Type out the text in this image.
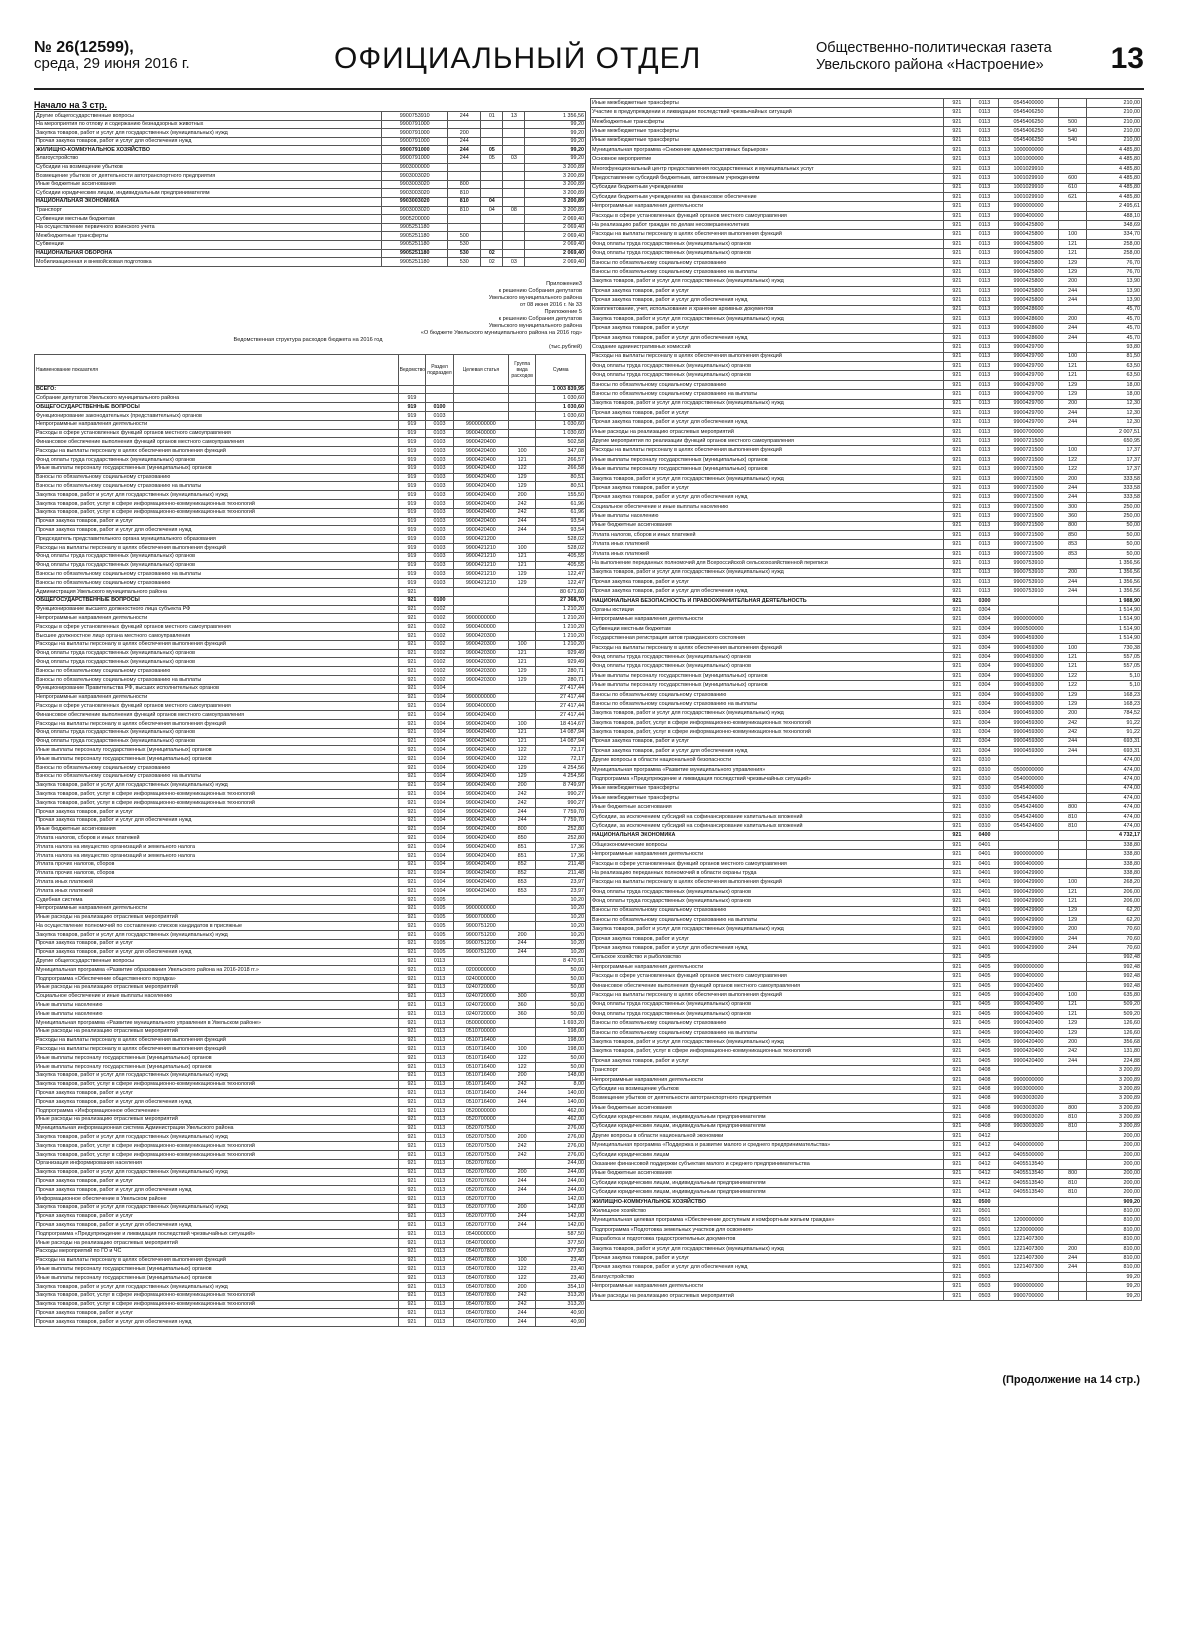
№ 26(12599),
среда, 29 июня 2016 г.	ОФИЦИАЛЬНЫЙ ОТДЕЛ	Общественно-политическая газета
Увельского района «Настроение» 13
Начало на 3 стр.
Другие общегосударственные вопросы	9900753910	244	01	13	1 356,56
На мероприятия по отлову и содержанию безнадзорных животных	9900791000				99,20
Закупка товаров, работ и услуг для государственных (муниципальных) нужд	9900791000	200			99,20
Прочая закупка товаров, работ и услуг для обеспечения нужд	9900791000	244			99,20
ЖИЛИЩНО-КОММУНАЛЬНОЕ ХОЗЯЙСТВО	9900791000	244	05		99,20
Благоустройство	9900791000	244	05	03	99,20
Субсидии на возмещение убытков	9903000000				3 200,89
Возмещение убытков от деятельности автотранспортного предприятия	9903003020				3 200,89
Иные бюджетные ассигнования	9903003020	800			3 200,89
Субсидии юридическим лицам, индивидуальным предпринимателям	9903003020	810			3 200,89
НАЦИОНАЛЬНАЯ ЭКОНОМИКА	9903003020	810	04		3 200,89
Транспорт	9903003020	810	04	08	3 200,89
Субвенции местным бюджетам	9905200000				2 069,40
На осуществление первичного воинского учета	9905251180				2 069,40
Межбюджетные трансферты	9905251180	500			2 069,40
Субвенции	9905251180	530			2 069,40
НАЦИОНАЛЬНАЯ ОБОРОНА	9905251180	530	02		2 069,40
Мобилизационная и вневойсковая подготовка	9905251180	530	02	03	2 069,40
Приложение3
к решению Собрания депутатов
Увельского муниципального района
от 08 июня 2016 г. № 33
Приложение 5
к решению Собрания депутатов
Увельского муниципального района
«О бюджете Увельского муниципального района на 2016 год»
Ведомственная структура расходов бюджета на 2016 год
(тыс.рублей)
Наименование показателя	Ведомство	Раздел подраздел	Целевая статья	Группа вида расходов	Сумма
ВСЕГО:					1 003 839,95
Собрание депутатов Увельского муниципального района	919				1 030,60
ОБЩЕГОСУДАРСТВЕННЫЕ ВОПРОСЫ	919	0100			1 030,60
Функционирование законодательных (представительных) органов	919	0103			1 030,60
Непрограммные направления деятельности	919	0103	9900000000		1 030,60
Расходы в сфере установленных функций органов местного самоуправления	919	0103	9900400000		1 030,60
Финансовое обеспечение выполнения функций органов местного самоуправления	919	0103	9900420400		502,58
Расходы на выплаты персоналу в целях обеспечения выполнения функций	919	0103	9900420400	100	347,08
Фонд оплаты труда государственных (муниципальных) органов	919	0103	9900420400	121	266,57
Иные выплаты персоналу государственных (муниципальных) органов	919	0103	9900420400	122	266,58
Взносы по обязательному социальному страхованию	919	0103	9900420400	129	80,51
Взносы по обязательному социальному страхованию на выплаты	919	0103	9900420400	129	80,51
Закупка товаров, работ и услуг для государственных (муниципальных) нужд	919	0103	9900420400	200	155,50
Закупка товаров, работ, услуг в сфере информационно-коммуникационных технологий	919	0103	9900420400	242	61,96
Закупка товаров, работ, услуг в сфере информационно-коммуникационных технологий	919	0103	9900420400	242	61,96
Прочая закупка товаров, работ и услуг	919	0103	9900420400	244	93,54
Прочая закупка товаров, работ и услуг для обеспечения нужд	919	0103	9900420400	244	93,54
Председатель представительного органа муниципального образования	919	0103	9900421200		528,02
Расходы на выплаты персоналу в целях обеспечения выполнения функций	919	0103	9900421210	100	528,02
Фонд оплаты труда государственных (муниципальных) органов	919	0103	9900421210	121	405,55
Фонд оплаты труда государственных (муниципальных) органов	919	0103	9900421210	121	405,55
Взносы по обязательному социальному страхованию на выплаты	919	0103	9900421210	129	122,47
Взносы по обязательному социальному страхованию	919	0103	9900421210	129	122,47
Администрация Увельского муниципального района	921				80 671,60
ОБЩЕГОСУДАРСТВЕННЫЕ ВОПРОСЫ	921	0100			27 368,70
Функционирование высшего должностного лица субъекта РФ	921	0102			1 210,20
Непрограммные направления деятельности	921	0102	9900000000		1 210,20
Расходы в сфере установленных функций органов местного самоуправления	921	0102	9900400000		1 210,20
Высшее должностное лицо органа местного самоуправления	921	0102	9900420300		1 210,20
Расходы на выплаты персоналу в целях обеспечения выполнения функций	921	0102	9900420300	100	1 210,20
Фонд оплаты труда государственных (муниципальных) органов	921	0102	9900420300	121	929,49
Фонд оплаты труда государственных (муниципальных) органов	921	0102	9900420300	121	929,49
Взносы по обязательному социальному страхованию	921	0102	9900420300	129	280,71
Взносы по обязательному социальному страхованию на выплаты	921	0102	9900420300	129	280,71
Функционирование Правительства РФ, высших исполнительных органов	921	0104			27 417,44
Непрограммные направления деятельности	921	0104	9900000000		27 417,44
Расходы в сфере установленных функций органов местного самоуправления	921	0104	9900400000		27 417,44
Финансовое обеспечение выполнения функций органов местного самоуправления	921	0104	9900420400		27 417,44
Расходы на выплаты персоналу в целях обеспечения выполнения функций	921	0104	9900420400	100	18 414,67
Фонд оплаты труда государственных (муниципальных) органов	921	0104	9900420400	121	14 087,94
Фонд оплаты труда государственных (муниципальных) органов	921	0104	9900420400	121	14 087,94
Иные выплаты персоналу государственных (муниципальных) органов	921	0104	9900420400	122	72,17
Иные выплаты персоналу государственных (муниципальных) органов	921	0104	9900420400	122	72,17
Взносы по обязательному социальному страхованию	921	0104	9900420400	129	4 254,56
Взносы по обязательному социальному страхованию на выплаты	921	0104	9900420400	129	4 254,56
Закупка товаров, работ и услуг для государственных (муниципальных) нужд	921	0104	9900420400	200	8 749,97
Закупка товаров, работ, услуг в сфере информационно-коммуникационных технологий	921	0104	9900420400	242	990,27
Закупка товаров, работ, услуг в сфере информационно-коммуникационных технологий	921	0104	9900420400	242	990,27
Прочая закупка товаров, работ и услуг	921	0104	9900420400	244	7 759,70
Прочая закупка товаров, работ и услуг для обеспечения нужд	921	0104	9900420400	244	7 759,70
Иные бюджетные ассигнования	921	0104	9900420400	800	252,80
Уплата налогов, сборов и иных платежей	921	0104	9900420400	850	252,80
Уплата налога на имущество организаций и земельного налога	921	0104	9900420400	851	17,36
Уплата налога на имущество организаций и земельного налога	921	0104	9900420400	851	17,36
Уплата прочих налогов, сборов	921	0104	9900420400	852	211,48
Уплата прочих налогов, сборов	921	0104	9900420400	852	211,48
Уплата иных платежей	921	0104	9900420400	853	23,97
Уплата иных платежей	921	0104	9900420400	853	23,97
Судебная система	921	0105			10,20
Непрограммные направления деятельности	921	0105	9900000000		10,20
Иные расходы на реализацию отраслевых мероприятий	921	0105	9900700000		10,20
На осуществление полномочий по составлению списков кандидатов в присяжные	921	0105	9900751200		10,20
Закупка товаров, работ и услуг для государственных (муниципальных) нужд	921	0105	9900751200	200	10,20
Прочая закупка товаров, работ и услуг	921	0105	9900751200	244	10,20
Прочая закупка товаров, работ и услуг для обеспечения нужд	921	0105	9900751200	244	10,20
Другие общегосударственные вопросы	921	0113			8 470,91
Муниципальная программа «Развитие образования Увельского района на 2016-2018 гг.»	921	0113	0200000000		50,00
Подпрограмма «Обеспечение общественного порядка»	921	0113	0240000000		50,00
Иные расходы на реализацию отраслевых мероприятий	921	0113	0240720000		50,00
Социальное обеспечение и иные выплаты населению	921	0113	0240720000	300	50,00
Иные выплаты населению	921	0113	0240720000	360	50,00
Иные выплаты населению	921	0113	0240720000	360	50,00
Муниципальная программа «Развитие муниципального управления в Увельском районе»	921	0113	0500000000		1 693,20
Иные расходы на реализацию отраслевых мероприятий	921	0113	0510700000		198,00
Расходы на выплаты персоналу в целях обеспечения выполнения функций	921	0113	0510716400		198,00
Расходы на выплаты персоналу в целях обеспечения выполнения функций	921	0113	0510716400	100	198,00
Иные выплаты персоналу государственных (муниципальных) органов	921	0113	0510716400	122	50,00
Иные выплаты персоналу государственных (муниципальных) органов	921	0113	0510716400	122	50,00
Закупка товаров, работ и услуг для государственных (муниципальных) нужд	921	0113	0510716400	200	148,00
Закупка товаров, работ, услуг в сфере информационно-коммуникационных технологий	921	0113	0510716400	242	8,00
Прочая закупка товаров, работ и услуг	921	0113	0510716400	244	140,00
Прочая закупка товаров, работ и услуг для обеспечения нужд	921	0113	0510716400	244	140,00
Подпрограмма «Информационное обеспечение»	921	0113	0520000000		462,00
Иные расходы на реализацию отраслевых мероприятий	921	0113	0520700000		462,00
Муниципальная информационная система Администрации Увельского района	921	0113	0520707500		276,00
Закупка товаров, работ и услуг для государственных (муниципальных) нужд	921	0113	0520707500	200	276,00
Закупка товаров, работ, услуг в сфере информационно-коммуникационных технологий	921	0113	0520707500	242	276,00
Закупка товаров, работ, услуг в сфере информационно-коммуникационных технологий	921	0113	0520707500	242	276,00
Организация информирования населения	921	0113	0520707600		244,00
Закупка товаров, работ и услуг для государственных (муниципальных) нужд	921	0113	0520707600	200	244,00
Прочая закупка товаров, работ и услуг	921	0113	0520707600	244	244,00
Прочая закупка товаров, работ и услуг для обеспечения нужд	921	0113	0520707600	244	244,00
Информационное обеспечение в Увельском районе	921	0113	0520707700		142,00
Закупка товаров, работ и услуг для государственных (муниципальных) нужд	921	0113	0520707700	200	142,00
Прочая закупка товаров, работ и услуг	921	0113	0520707700	244	142,00
Прочая закупка товаров, работ и услуг для обеспечения нужд	921	0113	0520707700	244	142,00
Подпрограмма «Предупреждение и ликвидация последствий чрезвычайных ситуаций»	921	0113	0540000000		587,50
Иные расходы на реализацию отраслевых мероприятий	921	0113	0540700000		377,50
Расходы мероприятий по ГО и ЧС	921	0113	0540707800		377,50
Расходы на выплаты персоналу в целях обеспечения выполнения функций	921	0113	0540707800	100	23,40
Иные выплаты персоналу государственных (муниципальных) органов	921	0113	0540707800	122	23,40
Иные выплаты персоналу государственных (муниципальных) органов	921	0113	0540707800	122	23,40
Закупка товаров, работ и услуг для государственных (муниципальных) нужд	921	0113	0540707800	200	354,10
Закупка товаров, работ, услуг в сфере информационно-коммуникационных технологий	921	0113	0540707800	242	313,20
Закупка товаров, работ, услуг в сфере информационно-коммуникационных технологий	921	0113	0540707800	242	313,20
Прочая закупка товаров, работ и услуг	921	0113	0540707800	244	40,90
Прочая закупка товаров, работ и услуг для обеспечения нужд	921	0113	0540707800	244	40,90
Иные межбюджетные трансферты	921	0113	0545400000		210,00
Участие в предупреждении и ликвидации последствий чрезвычайных ситуаций	921	0113	0545406250		210,00
Межбюджетные трансферты	921	0113	0545406250	500	210,00
Иные межбюджетные трансферты	921	0113	0545406250	540	210,00
Иные межбюджетные трансферты	921	0113	0545406250	540	210,00
Муниципальная программа «Снижение административных барьеров»	921	0113	1000000000		4 485,80
Основное мероприятие	921	0113	1001000000		4 485,80
Многофункциональный центр предоставления государственных и муниципальных услуг	921	0113	1001029910		4 485,80
Предоставление субсидий бюджетным, автономным учреждениям	921	0113	1001029910	600	4 485,80
Субсидии бюджетным учреждениям	921	0113	1001029910	610	4 485,80
Субсидии бюджетным учреждениям на финансовое обеспечение	921	0113	1001029910	621	4 485,80
Непрограммные направления деятельности	921	0113	9900000000		2 495,61
Расходы в сфере установленных функций органов местного самоуправления	921	0113	9900400000		488,10
На реализацию работ граждан по делам несовершеннолетних	921	0113	9900425800		348,69
Расходы на выплаты персоналу в целях обеспечения выполнения функций	921	0113	9900425800	100	334,70
Фонд оплаты труда государственных (муниципальных) органов	921	0113	9900425800	121	258,00
Фонд оплаты труда государственных (муниципальных) органов	921	0113	9900425800	121	258,00
Взносы по обязательному социальному страхованию	921	0113	9900425800	129	76,70
Взносы по обязательному социальному страхованию на выплаты	921	0113	9900425800	129	76,70
Закупка товаров, работ и услуг для государственных (муниципальных) нужд	921	0113	9900425800	200	13,90
Прочая закупка товаров, работ и услуг	921	0113	9900425800	244	13,90
Прочая закупка товаров, работ и услуг для обеспечения нужд	921	0113	9900425800	244	13,90
Комплектование, учет, использование и хранение архивных документов	921	0113	9900428600		45,70
Закупка товаров, работ и услуг для государственных (муниципальных) нужд	921	0113	9900428600	200	45,70
Прочая закупка товаров, работ и услуг	921	0113	9900428600	244	45,70
Прочая закупка товаров, работ и услуг для обеспечения нужд	921	0113	9900428600	244	45,70
Создание административных комиссий	921	0113	9900429700		93,80
Расходы на выплаты персоналу в целях обеспечения выполнения функций	921	0113	9900429700	100	81,50
Фонд оплаты труда государственных (муниципальных) органов	921	0113	9900429700	121	63,50
Фонд оплаты труда государственных (муниципальных) органов	921	0113	9900429700	121	63,50
Взносы по обязательному социальному страхованию	921	0113	9900429700	129	18,00
Взносы по обязательному социальному страхованию на выплаты	921	0113	9900429700	129	18,00
Закупка товаров, работ и услуг для государственных (муниципальных) нужд	921	0113	9900429700	200	12,30
Прочая закупка товаров, работ и услуг	921	0113	9900429700	244	12,30
Прочая закупка товаров, работ и услуг для обеспечения нужд	921	0113	9900429700	244	12,30
Иные расходы на реализацию отраслевых мероприятий	921	0113	9900700000		2 007,51
Другие мероприятия по реализации функций органов местного самоуправления	921	0113	9900721500		650,95
Расходы на выплаты персоналу в целях обеспечения выполнения функций	921	0113	9900721500	100	17,37
Иные выплаты персоналу государственных (муниципальных) органов	921	0113	9900721500	122	17,37
Иные выплаты персоналу государственных (муниципальных) органов	921	0113	9900721500	122	17,37
Закупка товаров, работ и услуг для государственных (муниципальных) нужд	921	0113	9900721500	200	333,58
Прочая закупка товаров, работ и услуг	921	0113	9900721500	244	333,58
Прочая закупка товаров, работ и услуг для обеспечения нужд	921	0113	9900721500	244	333,58
Социальное обеспечение и иные выплаты населению	921	0113	9900721500	300	250,00
Иные выплаты населению	921	0113	9900721500	360	250,00
Иные бюджетные ассигнования	921	0113	9900721500	800	50,00
Уплата налогов, сборов и иных платежей	921	0113	9900721500	850	50,00
Уплата иных платежей	921	0113	9900721500	853	50,00
Уплата иных платежей	921	0113	9900721500	853	50,00
На выполнение переданных полномочий для Всероссийской сельскохозяйственной переписи	921	0113	9900753910		1 356,56
Закупка товаров, работ и услуг для государственных (муниципальных) нужд	921	0113	9900753910	200	1 356,56
Прочая закупка товаров, работ и услуг	921	0113	9900753910	244	1 356,56
Прочая закупка товаров, работ и услуг для обеспечения нужд	921	0113	9900753910	244	1 356,56
НАЦИОНАЛЬНАЯ БЕЗОПАСНОСТЬ И ПРАВООХРАНИТЕЛЬНАЯ ДЕЯТЕЛЬНОСТЬ	921	0300			1 988,90
Органы юстиции	921	0304			1 514,90
Непрограммные направления деятельности	921	0304	9900000000		1 514,90
Субвенции местным бюджетам	921	0304	9900500000		1 514,90
Государственная регистрация актов гражданского состояния	921	0304	9900459300		1 514,90
Расходы на выплаты персоналу в целях обеспечения выполнения функций	921	0304	9900459300	100	730,38
Фонд оплаты труда государственных (муниципальных) органов	921	0304	9900459300	121	557,05
Фонд оплаты труда государственных (муниципальных) органов	921	0304	9900459300	121	557,05
Иные выплаты персоналу государственных (муниципальных) органов	921	0304	9900459300	122	5,10
Иные выплаты персоналу государственных (муниципальных) органов	921	0304	9900459300	122	5,10
Взносы по обязательному социальному страхованию	921	0304	9900459300	129	168,23
Взносы по обязательному социальному страхованию на выплаты	921	0304	9900459300	129	168,23
Закупка товаров, работ и услуг для государственных (муниципальных) нужд	921	0304	9900459300	200	784,52
Закупка товаров, работ, услуг в сфере информационно-коммуникационных технологий	921	0304	9900459300	242	91,22
Закупка товаров, работ, услуг в сфере информационно-коммуникационных технологий	921	0304	9900459300	242	91,22
Прочая закупка товаров, работ и услуг	921	0304	9900459300	244	693,31
Прочая закупка товаров, работ и услуг для обеспечения нужд	921	0304	9900459300	244	693,31
Другие вопросы в области национальной безопасности	921	0310			474,00
Муниципальная программа «Развитие муниципального управления»	921	0310	0500000000		474,00
Подпрограмма «Предупреждение и ликвидация последствий чрезвычайных ситуаций»	921	0310	0540000000		474,00
Иные межбюджетные трансферты	921	0310	0545400000		474,00
Иные межбюджетные трансферты	921	0310	0545424600		474,00
Иные бюджетные ассигнования	921	0310	0545424600	800	474,00
Субсидии, за исключением субсидий на софинансирование капитальных вложений	921	0310	0545424600	810	474,00
Субсидии, за исключением субсидий на софинансирование капитальных вложений	921	0310	0545424600	810	474,00
НАЦИОНАЛЬНАЯ ЭКОНОМИКА	921	0400			4 732,17
Общеэкономические вопросы	921	0401			338,80
Непрограммные направления деятельности	921	0401	9900000000		338,80
Расходы в сфере установленных функций органов местного самоуправления	921	0401	9900400000		338,80
На реализацию переданных полномочий в области охраны труда	921	0401	9900429900		338,80
Расходы на выплаты персоналу в целях обеспечения выполнения функций	921	0401	9900429900	100	268,20
Фонд оплаты труда государственных (муниципальных) органов	921	0401	9900429900	121	206,00
Фонд оплаты труда государственных (муниципальных) органов	921	0401	9900429900	121	206,00
Взносы по обязательному социальному страхованию	921	0401	9900429900	129	62,20
Взносы по обязательному социальному страхованию на выплаты	921	0401	9900429900	129	62,20
Закупка товаров, работ и услуг для государственных (муниципальных) нужд	921	0401	9900429900	200	70,60
Прочая закупка товаров, работ и услуг	921	0401	9900429900	244	70,60
Прочая закупка товаров, работ и услуг для обеспечения нужд	921	0401	9900429900	244	70,60
Сельское хозяйство и рыболовство	921	0405			992,48
Непрограммные направления деятельности	921	0405	9900000000		992,48
Расходы в сфере установленных функций органов местного самоуправления	921	0405	9900400000		992,48
Финансовое обеспечение выполнения функций органов местного самоуправления	921	0405	9900420400		992,48
Расходы на выплаты персоналу в целях обеспечения выполнения функций	921	0405	9900420400	100	635,80
Фонд оплаты труда государственных (муниципальных) органов	921	0405	9900420400	121	509,20
Фонд оплаты труда государственных (муниципальных) органов	921	0405	9900420400	121	509,20
Взносы по обязательному социальному страхованию	921	0405	9900420400	129	126,60
Взносы по обязательному социальному страхованию на выплаты	921	0405	9900420400	129	126,60
Закупка товаров, работ и услуг для государственных (муниципальных) нужд	921	0405	9900420400	200	356,68
Закупка товаров, работ, услуг в сфере информационно-коммуникационных технологий	921	0405	9900420400	242	131,80
Прочая закупка товаров, работ и услуг	921	0405	9900420400	244	224,88
Транспорт	921	0408			3 200,89
Непрограммные направления деятельности	921	0408	9900000000		3 200,89
Субсидии на возмещение убытков	921	0408	9903000000		3 200,89
Возмещение убытков от деятельности автотранспортного предприятия	921	0408	9903003020		3 200,89
Иные бюджетные ассигнования	921	0408	9903003020	800	3 200,89
Субсидии юридическим лицам, индивидуальным предпринимателям	921	0408	9903003020	810	3 200,89
Субсидии юридическим лицам, индивидуальным предпринимателям	921	0408	9903003020	810	3 200,89
Другие вопросы в области национальной экономики	921	0412			200,00
Муниципальная программа «Поддержка и развитие малого и среднего предпринимательства»	921	0412	0400000000		200,00
Субсидии юридическим лицам	921	0412	0405500000		200,00
Оказание финансовой поддержки субъектам малого и среднего предпринимательства	921	0412	0405513540		200,00
Иные бюджетные ассигнования	921	0412	0405513540	800	200,00
Субсидии юридическим лицам, индивидуальным предпринимателям	921	0412	0405513540	810	200,00
Субсидии юридическим лицам, индивидуальным предпринимателям	921	0412	0405513540	810	200,00
ЖИЛИЩНО-КОММУНАЛЬНОЕ ХОЗЯЙСТВО	921	0500			909,20
Жилищное хозяйство	921	0501			810,00
Муниципальная целевая программа «Обеспечение доступным и комфортным жильем граждан»	921	0501	1200000000		810,00
Подпрограмма «Подготовка земельных участков для освоения»	921	0501	1220000000		810,00
Разработка и подготовка градостроительных документов	921	0501	1221407300		810,00
Закупка товаров, работ и услуг для государственных (муниципальных) нужд	921	0501	1221407300	200	810,00
Прочая закупка товаров, работ и услуг	921	0501	1221407300	244	810,00
Прочая закупка товаров, работ и услуг для обеспечения нужд	921	0501	1221407300	244	810,00
Благоустройство	921	0503			99,20
Непрограммные направления деятельности	921	0503	9900000000		99,20
Иные расходы на реализацию отраслевых мероприятий	921	0503	9900700000		99,20
(Продолжение на 14 стр.)
